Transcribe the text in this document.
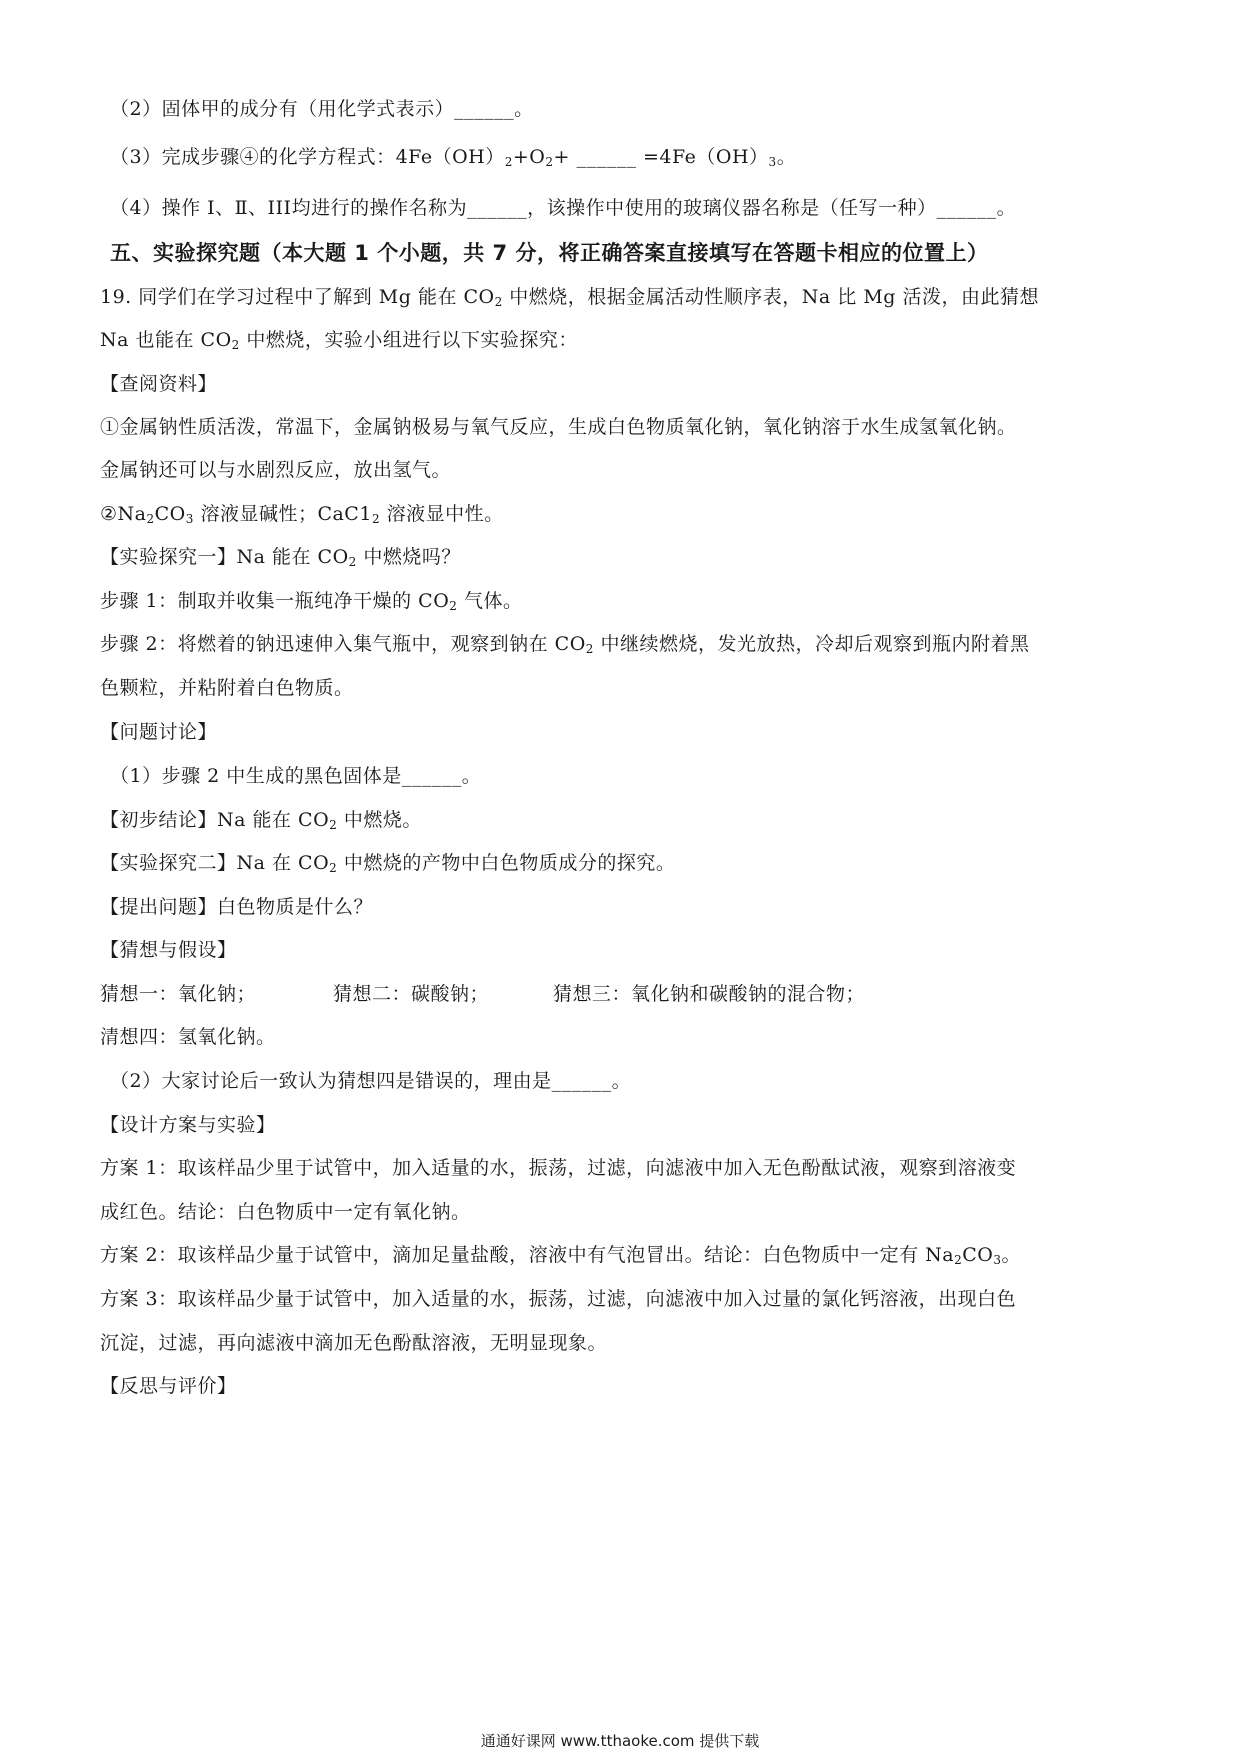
（2）固体甲的成分有（用化学式表示）______。
（3）完成步骤④的化学方程式：$4Fe(OH)_2+O_2+$ ______ $=4Fe(OH)_3$。
（4）操作 I、Ⅱ、III均进行的操作名称为______，该操作中使用的玻璃仪器名称是（任写一种）______。
五、实验探究题（本大题 1 个小题，共 7 分，将正确答案直接填写在答题卡相应的位置上）
19. 同学们在学习过程中了解到 Mg 能在 $CO_2$ 中燃烧，根据金属活动性顺序表，Na 比 Mg 活泼，由此猜想
Na 也能在 $CO_2$ 中燃烧，实验小组进行以下实验探究：
【查阅资料】
①金属钠性质活泼，常温下，金属钠极易与氧气反应，生成白色物质氧化钠，氧化钠溶于水生成氢氧化钠。
金属钠还可以与水剧烈反应，放出氢气。
$②Na_2CO_3$ 溶液显碱性；$CaC1_2$ 溶液显中性。
【实验探究一】Na 能在 $CO_2$ 中燃烧吗？
步骤 1：制取并收集一瓶纯净干燥的 $CO_2$ 气体。
步骤 2：将燃着的钠迅速伸入集气瓶中，观察到钠在 $CO_2$ 中继续燃烧，发光放热，冷却后观察到瓶内附着黑
色颗粒，并粘附着白色物质。
【问题讨论】
（1）步骤 2 中生成的黑色固体是______。
【初步结论】Na 能在 $CO_2$ 中燃烧。
【实验探究二】Na 在 $CO_2$ 中燃烧的产物中白色物质成分的探究。
【提出问题】白色物质是什么？
【猜想与假设】
猜想一：氧化钠；	猜想二：碳酸钠；	猜想三：氧化钠和碳酸钠的混合物；
清想四：氢氧化钠。
（2）大家讨论后一致认为猜想四是错误的，理由是______。
【设计方案与实验】
方案 1：取该样品少里于试管中，加入适量的水，振荡，过滤，向滤液中加入无色酚酞试液，观察到溶液变
成红色。结论：白色物质中一定有氧化钠。
方案 2：取该样品少量于试管中，滴加足量盐酸，溶液中有气泡冒出。结论：白色物质中一定有 $Na_2CO_3$。
方案 3：取该样品少量于试管中，加入适量的水，振荡，过滤，向滤液中加入过量的氯化钙溶液，出现白色
沉淀，过滤，再向滤液中滴加无色酚酞溶液，无明显现象。
【反思与评价】
通通好课网 www.tthaoke.com 提供下载
